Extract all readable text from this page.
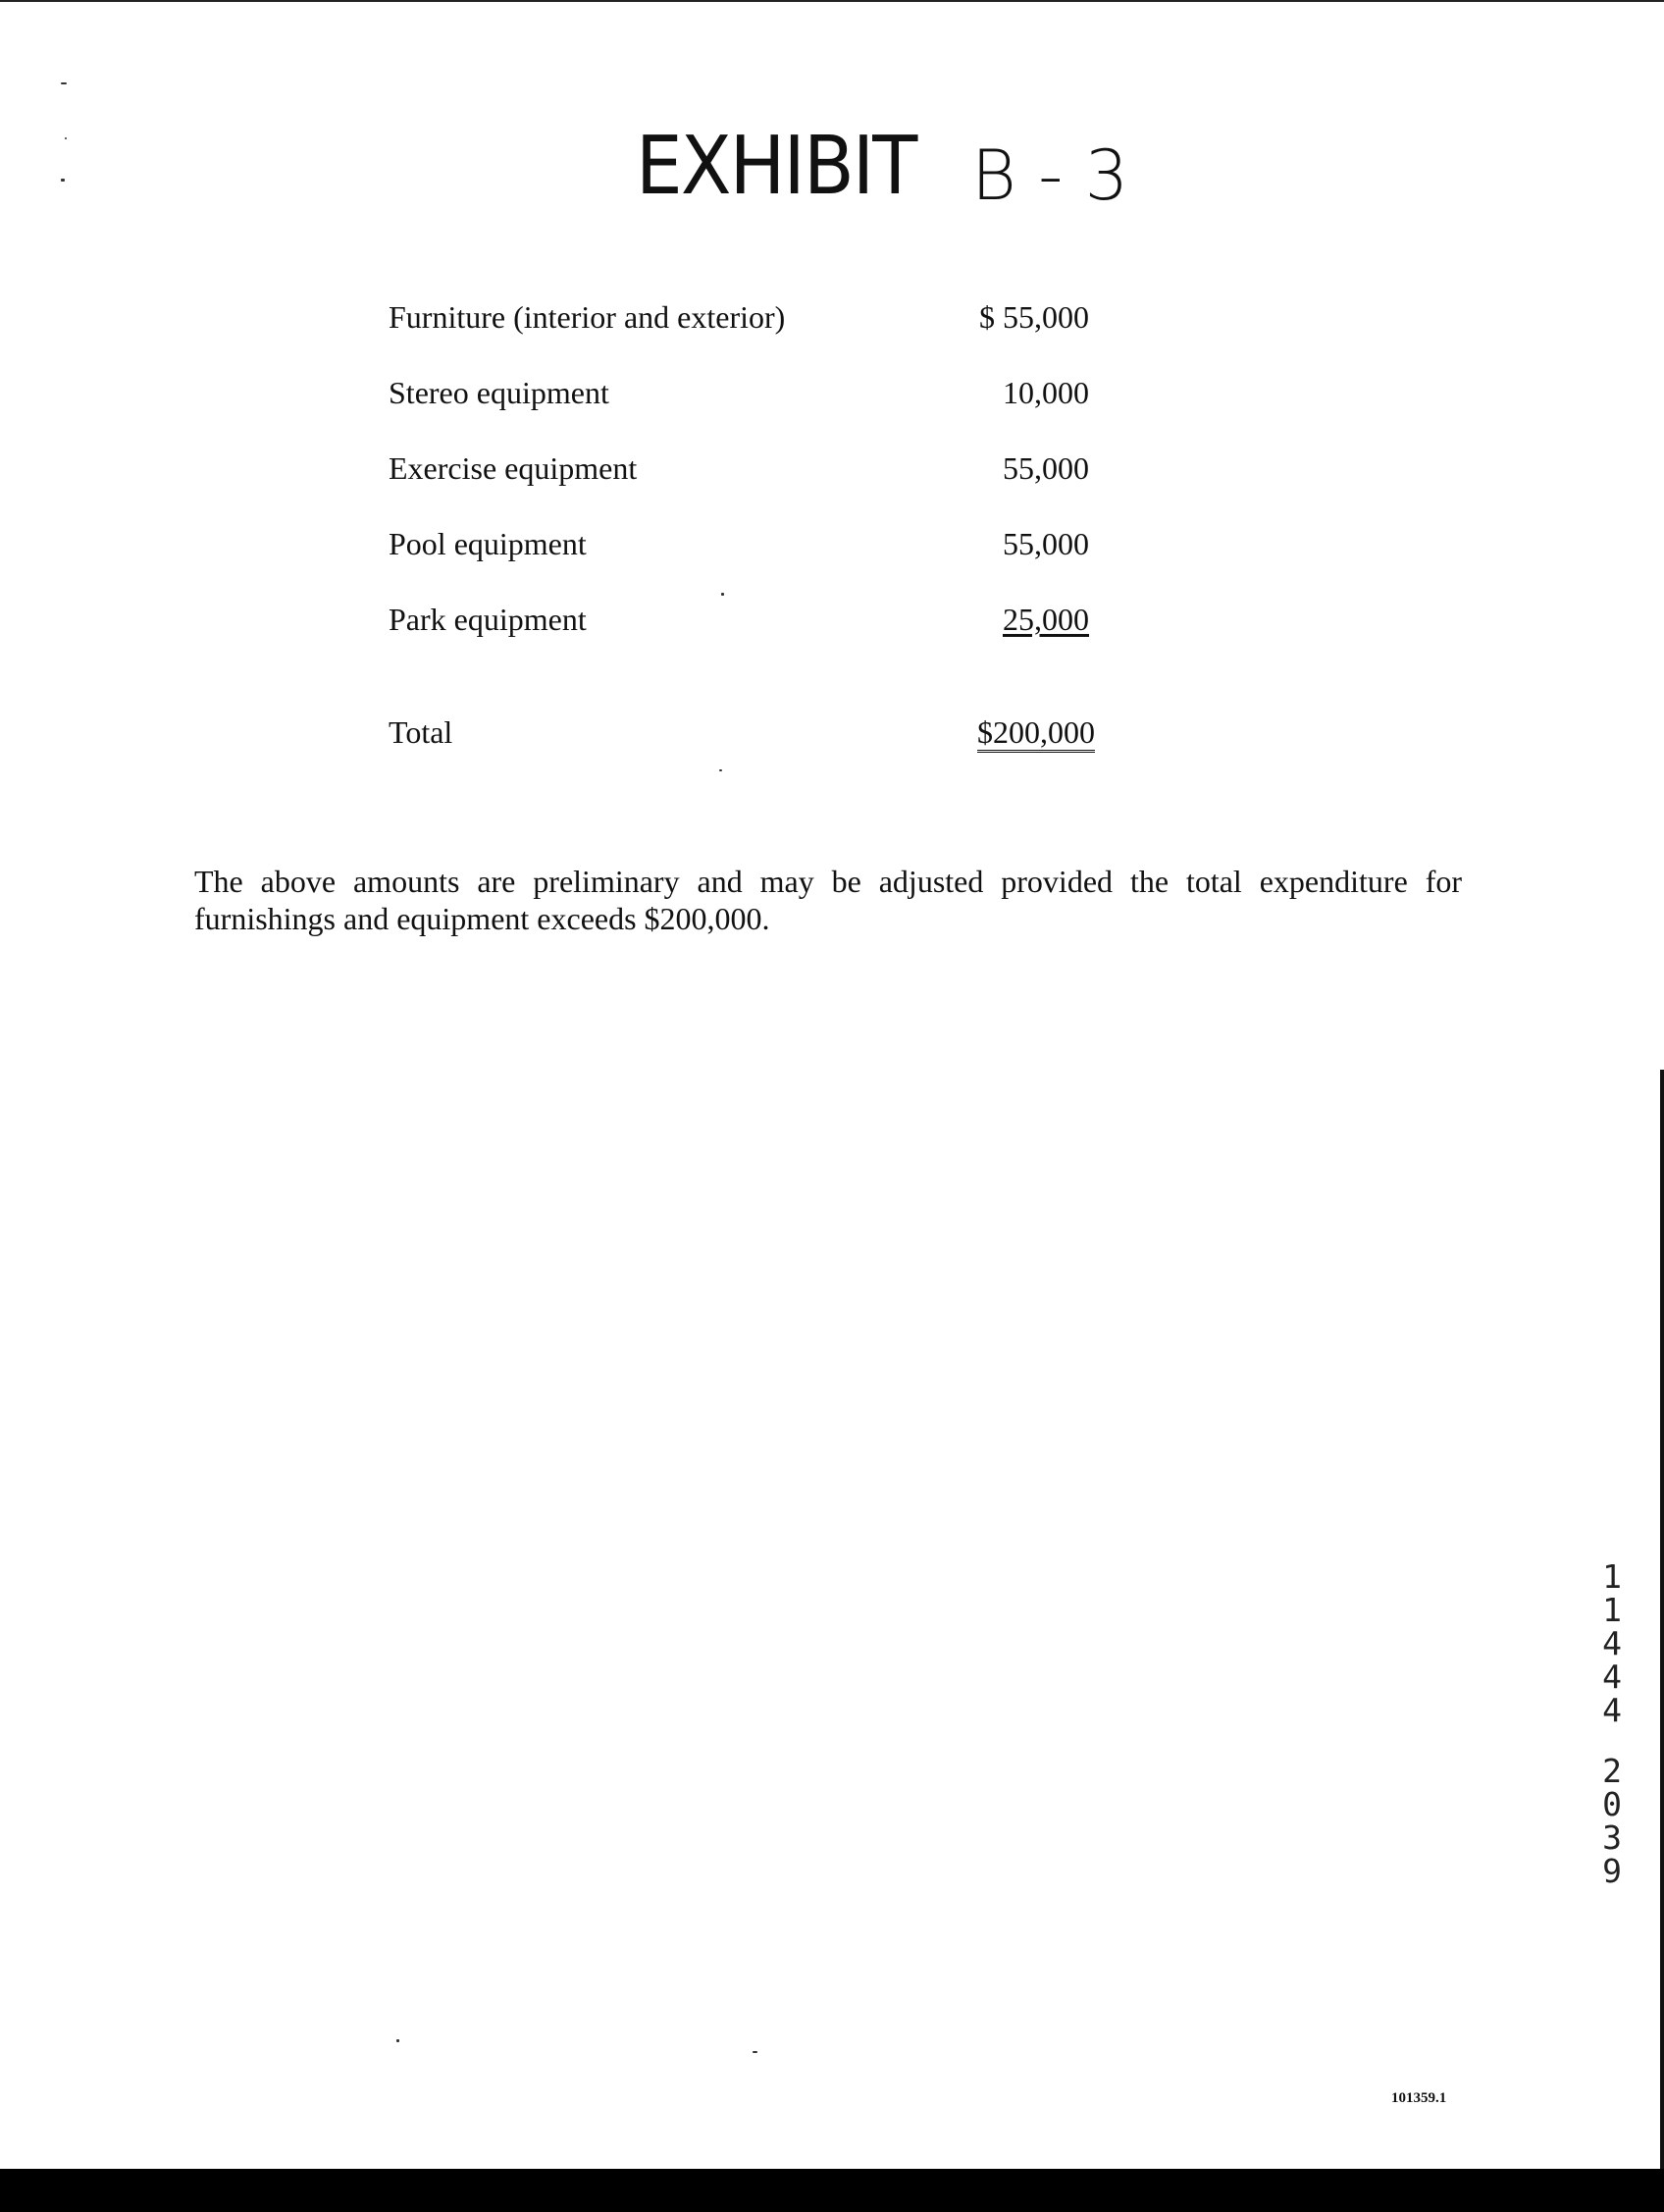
EXHIBIT B - 3
Furniture (interior and exterior)	$ 55,000
Stereo equipment	10,000
Exercise equipment	55,000
Pool equipment	55,000
Park equipment	25,000
Total	$200,000

The above amounts are preliminary and may be adjusted provided the total expenditure for furnishings and equipment exceeds $200,000.

1
1
4
4
4
2
0
3
9
101359.1
